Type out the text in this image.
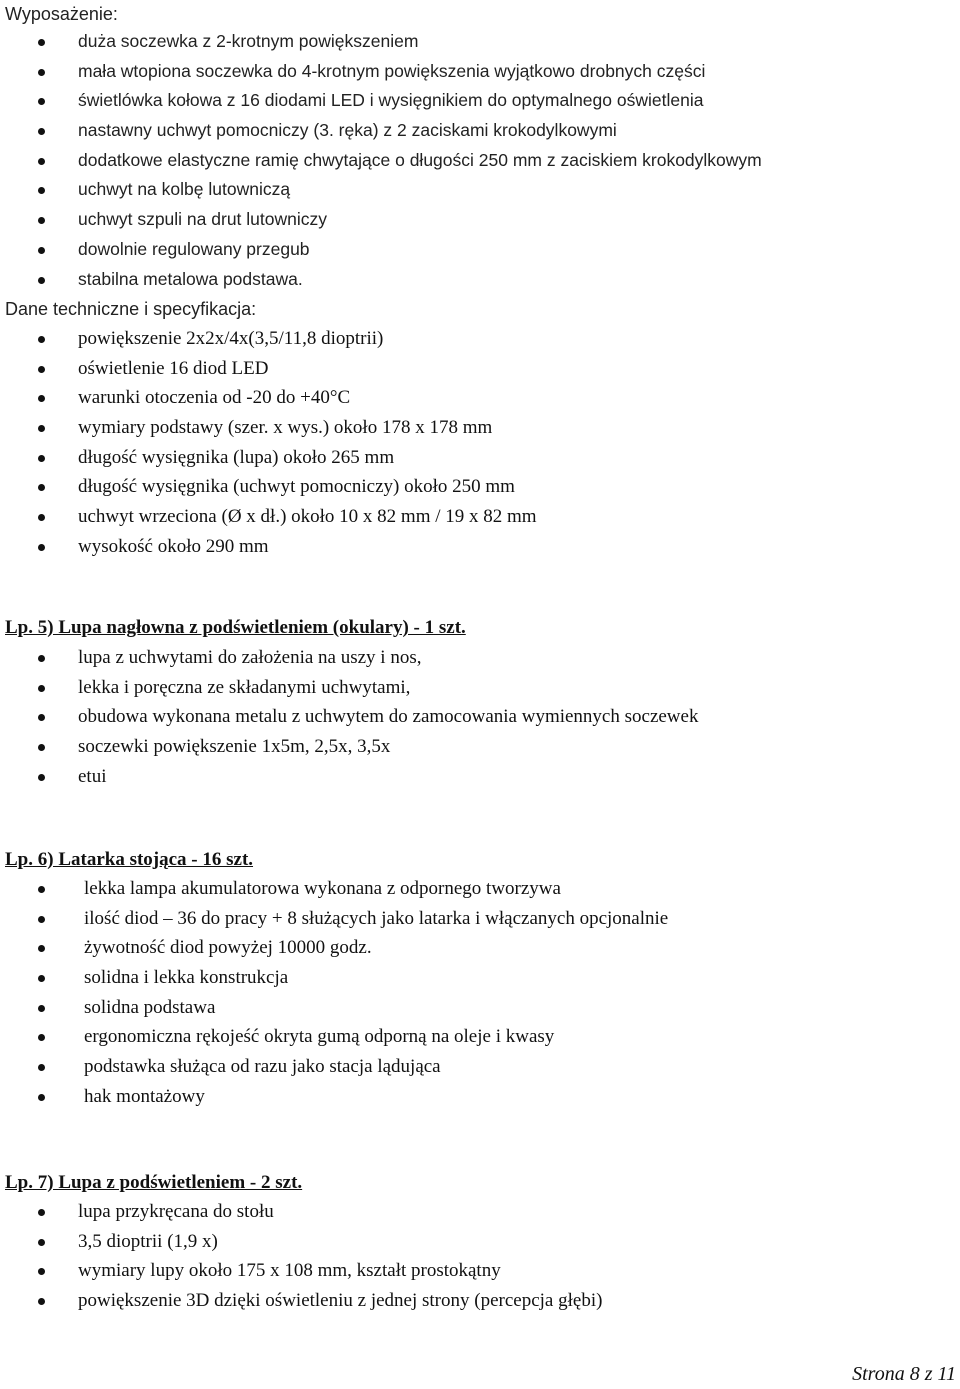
Wyposażenie:
duża soczewka z 2-krotnym powiększeniem
mała wtopiona soczewka do 4-krotnym powiększenia wyjątkowo drobnych części
świetlówka kołowa z 16 diodami LED i wysięgnikiem do optymalnego oświetlenia
nastawny uchwyt pomocniczy (3. ręka) z 2 zaciskami krokodylkowymi
dodatkowe elastyczne ramię chwytające o długości 250 mm z zaciskiem krokodylkowym
uchwyt na kolbę lutowniczą
uchwyt szpuli na drut lutowniczy
dowolnie regulowany przegub
stabilna metalowa podstawa.
Dane techniczne i specyfikacja:
powiększenie 2x2x/4x(3,5/11,8 dioptrii)
oświetlenie 16 diod LED
warunki otoczenia od -20 do +40°C
wymiary podstawy (szer. x wys.) około 178 x 178 mm
długość wysięgnika (lupa) około 265 mm
długość wysięgnika (uchwyt pomocniczy) około 250 mm
uchwyt wrzeciona (Ø x dł.) około 10 x 82 mm / 19 x 82 mm
wysokość około 290 mm
Lp. 5) Lupa nagłowna z podświetleniem (okulary) - 1 szt.
lupa z uchwytami do założenia na uszy i nos,
lekka i poręczna ze składanymi uchwytami,
obudowa wykonana metalu z uchwytem do zamocowania wymiennych soczewek
soczewki powiększenie 1x5m, 2,5x, 3,5x
etui
Lp. 6) Latarka stojąca - 16 szt.
lekka lampa akumulatorowa wykonana z odpornego tworzywa
ilość diod – 36 do pracy + 8 służących jako latarka i włączanych opcjonalnie
żywotność diod powyżej 10000 godz.
solidna i lekka konstrukcja
solidna podstawa
ergonomiczna rękojeść okryta gumą odporną na oleje i kwasy
podstawka służąca od razu jako stacja lądująca
hak montażowy
Lp. 7) Lupa z podświetleniem - 2 szt.
lupa przykręcana do stołu
3,5 dioptrii (1,9 x)
wymiary lupy około 175 x 108 mm, kształt prostokątny
powiększenie 3D dzięki oświetleniu z jednej strony (percepcja głębi)
Strona 8 z 11
